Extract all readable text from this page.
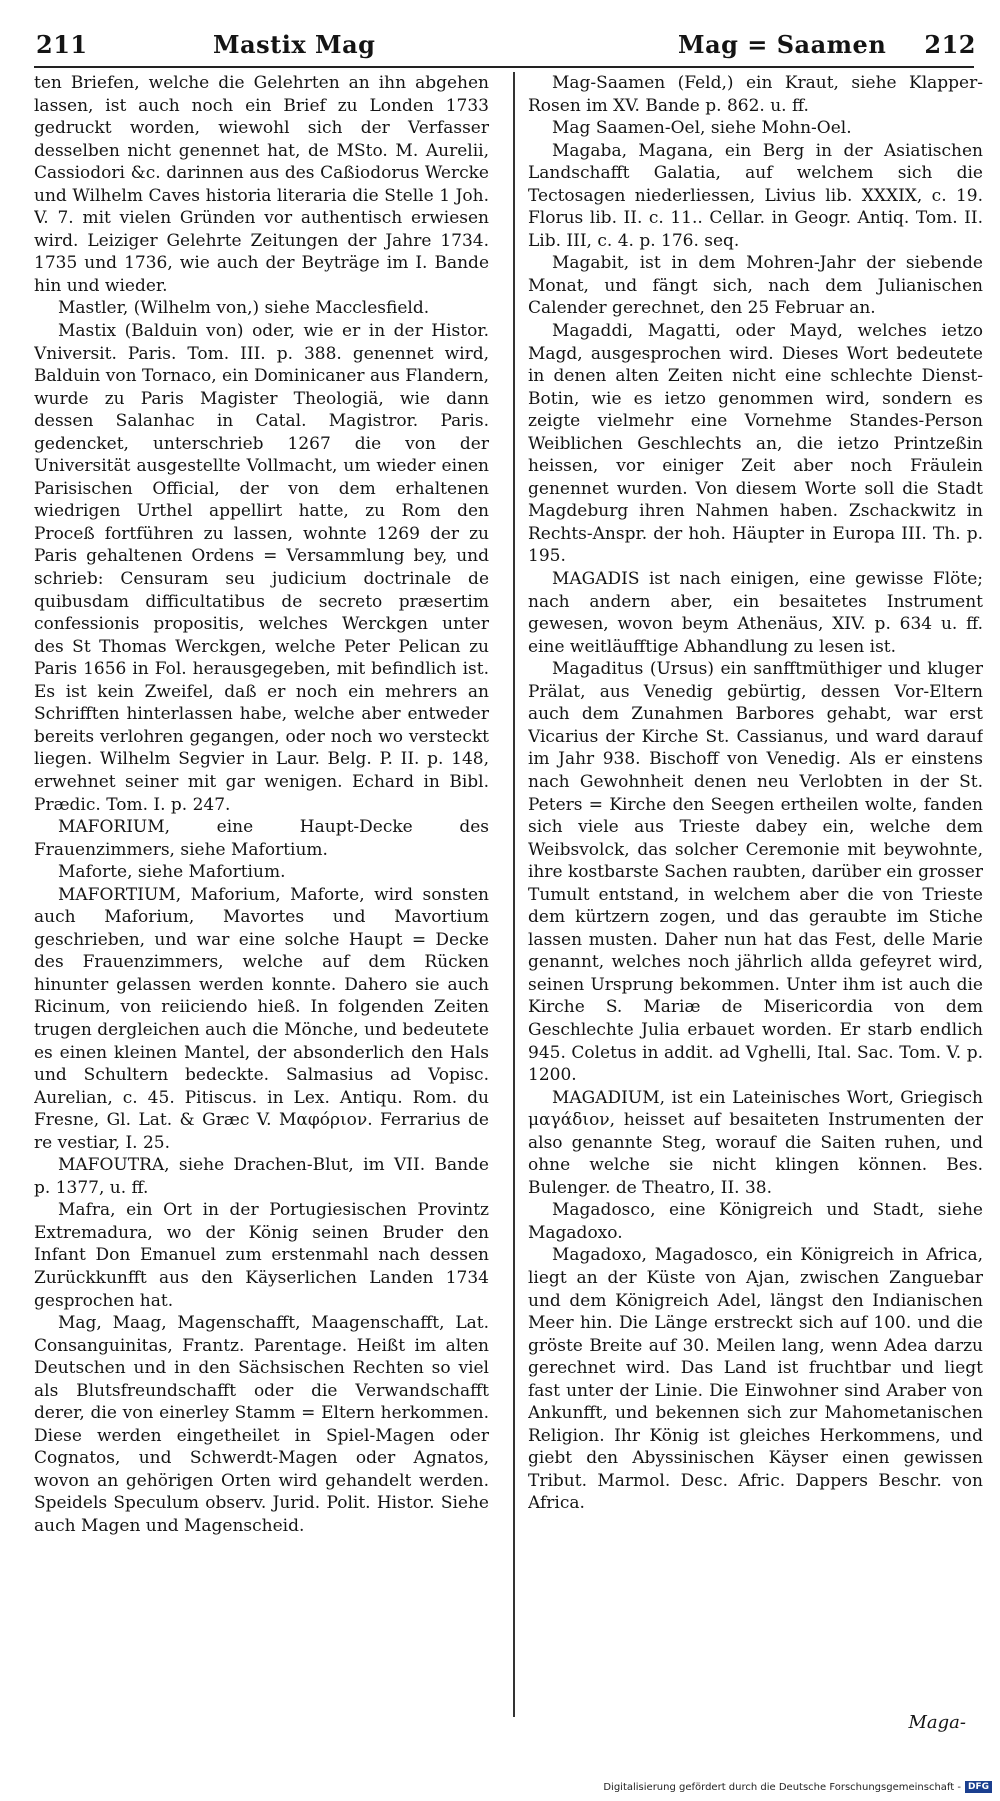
211	Mastix Mag	Mag = Saamen 212

ten Briefen, welche die Gelehrten an ihn abgehen lassen, ist auch noch ein Brief zu Londen 1733 gedruckt worden, wiewohl sich der Verfasser desselben nicht genennet hat, de MSto. M. Aurelii, Cassiodori &c. darinnen aus des Caßiodorus Wercke und Wilhelm Caves historia literaria die Stelle 1 Joh. V. 7. mit vielen Gründen vor authentisch erwiesen wird. Leiziger Gelehrte Zeitungen der Jahre 1734. 1735 und 1736, wie auch der Beyträge im I. Bande hin und wieder.

Mastler, (Wilhelm von,) siehe Macclesfield.

Mastix (Balduin von) oder, wie er in der Histor. Vniversit. Paris. Tom. III. p. 388. genennet wird, Balduin von Tornaco, ein Dominicaner aus Flandern, wurde zu Paris Magister Theologiä, wie dann dessen Salanhac in Catal. Magistror. Paris. gedencket, unterschrieb 1267 die von der Universität ausgestellte Vollmacht, um wieder einen Parisischen Official, der von dem erhaltenen wiedrigen Urthel appellirt hatte, zu Rom den Proceß fortführen zu lassen, wohnte 1269 der zu Paris gehaltenen Ordens = Versammlung bey, und schrieb: Censuram seu judicium doctrinale de quibusdam difficultatibus de secreto præsertim confessionis propositis, welches Werckgen unter des St Thomas Werckgen, welche Peter Pelican zu Paris 1656 in Fol. herausgegeben, mit befindlich ist. Es ist kein Zweifel, daß er noch ein mehrers an Schrifften hinterlassen habe, welche aber entweder bereits verlohren gegangen, oder noch wo versteckt liegen. Wilhelm Segvier in Laur. Belg. P. II. p. 148, erwehnet seiner mit gar wenigen. Echard in Bibl. Prædic. Tom. I. p. 247.

MAFORIUM, eine Haupt-Decke des Frauenzimmers, siehe Mafortium.

Maforte, siehe Mafortium.

MAFORTIUM, Maforium, Maforte, wird sonsten auch Maforium, Mavortes und Mavortium geschrieben, und war eine solche Haupt = Decke des Frauenzimmers, welche auf dem Rücken hinunter gelassen werden konnte. Dahero sie auch Ricinum, von reiiciendo hieß. In folgenden Zeiten trugen dergleichen auch die Mönche, und bedeutete es einen kleinen Mantel, der absonderlich den Hals und Schultern bedeckte. Salmasius ad Vopisc. Aurelian, c. 45. Pitiscus. in Lex. Antiqu. Rom. du Fresne, Gl. Lat. & Græc V. Μαφόριον. Ferrarius de re vestiar, I. 25.

MAFOUTRA, siehe Drachen-Blut, im VII. Bande p. 1377, u. ff.

Mafra, ein Ort in der Portugiesischen Provintz Extremadura, wo der König seinen Bruder den Infant Don Emanuel zum erstenmahl nach dessen Zurückkunfft aus den Käyserlichen Landen 1734 gesprochen hat.

Mag, Maag, Magenschafft, Maagenschafft, Lat. Consanguinitas, Frantz. Parentage. Heißt im alten Deutschen und in den Sächsischen Rechten so viel als Blutsfreundschafft oder die Verwandschafft derer, die von einerley Stamm = Eltern herkommen. Diese werden eingetheilet in Spiel-Magen oder Cognatos, und Schwerdt-Magen oder Agnatos, wovon an gehörigen Orten wird gehandelt werden. Speidels Speculum observ. Jurid. Polit. Histor. Siehe auch Magen und Magenscheid.

Mag-Saamen (Feld,) ein Kraut, siehe Klapper-Rosen im XV. Bande p. 862. u. ff.

Mag Saamen-Oel, siehe Mohn-Oel.

Magaba, Magana, ein Berg in der Asiatischen Landschafft Galatia, auf welchem sich die Tectosagen niederliessen, Livius lib. XXXIX, c. 19. Florus lib. II. c. 11.. Cellar. in Geogr. Antiq. Tom. II. Lib. III, c. 4. p. 176. seq.

Magabit, ist in dem Mohren-Jahr der siebende Monat, und fängt sich, nach dem Julianischen Calender gerechnet, den 25 Februar an.

Magaddi, Magatti, oder Mayd, welches ietzo Magd, ausgesprochen wird. Dieses Wort bedeutete in denen alten Zeiten nicht eine schlechte Dienst-Botin, wie es ietzo genommen wird, sondern es zeigte vielmehr eine Vornehme Standes-Person Weiblichen Geschlechts an, die ietzo Printzeßin heissen, vor einiger Zeit aber noch Fräulein genennet wurden. Von diesem Worte soll die Stadt Magdeburg ihren Nahmen haben. Zschackwitz in Rechts-Anspr. der hoh. Häupter in Europa III. Th. p. 195.

MAGADIS ist nach einigen, eine gewisse Flöte; nach andern aber, ein besaitetes Instrument gewesen, wovon beym Athenäus, XIV. p. 634 u. ff. eine weitläufftige Abhandlung zu lesen ist.

Magaditus (Ursus) ein sanfftmüthiger und kluger Prälat, aus Venedig gebürtig, dessen Vor-Eltern auch dem Zunahmen Barbores gehabt, war erst Vicarius der Kirche St. Cassianus, und ward darauf im Jahr 938. Bischoff von Venedig. Als er einstens nach Gewohnheit denen neu Verlobten in der St. Peters = Kirche den Seegen ertheilen wolte, fanden sich viele aus Trieste dabey ein, welche dem Weibsvolck, das solcher Ceremonie mit beywohnte, ihre kostbarste Sachen raubten, darüber ein grosser Tumult entstand, in welchem aber die von Trieste dem kürtzern zogen, und das geraubte im Stiche lassen musten. Daher nun hat das Fest, delle Marie genannt, welches noch jährlich allda gefeyret wird, seinen Ursprung bekommen. Unter ihm ist auch die Kirche S. Mariæ de Misericordia von dem Geschlechte Julia erbauet worden. Er starb endlich 945. Coletus in addit. ad Vghelli, Ital. Sac. Tom. V. p. 1200.

MAGADIUM, ist ein Lateinisches Wort, Griegisch μαγάδιον, heisset auf besaiteten Instrumenten der also genannte Steg, worauf die Saiten ruhen, und ohne welche sie nicht klingen können. Bes. Bulenger. de Theatro, II. 38.

Magadosco, eine Königreich und Stadt, siehe Magadoxo.

Magadoxo, Magadosco, ein Königreich in Africa, liegt an der Küste von Ajan, zwischen Zanguebar und dem Königreich Adel, längst den Indianischen Meer hin. Die Länge erstreckt sich auf 100. und die gröste Breite auf 30. Meilen lang, wenn Adea darzu gerechnet wird. Das Land ist fruchtbar und liegt fast unter der Linie. Die Einwohner sind Araber von Ankunfft, und bekennen sich zur Mahometanischen Religion. Ihr König ist gleiches Herkommens, und giebt den Abyssinischen Käyser einen gewissen Tribut. Marmol. Desc. Afric. Dappers Beschr. von Africa.

Maga-
Digitalisierung gefördert durch die Deutsche Forschungsgemeinschaft - DFG
